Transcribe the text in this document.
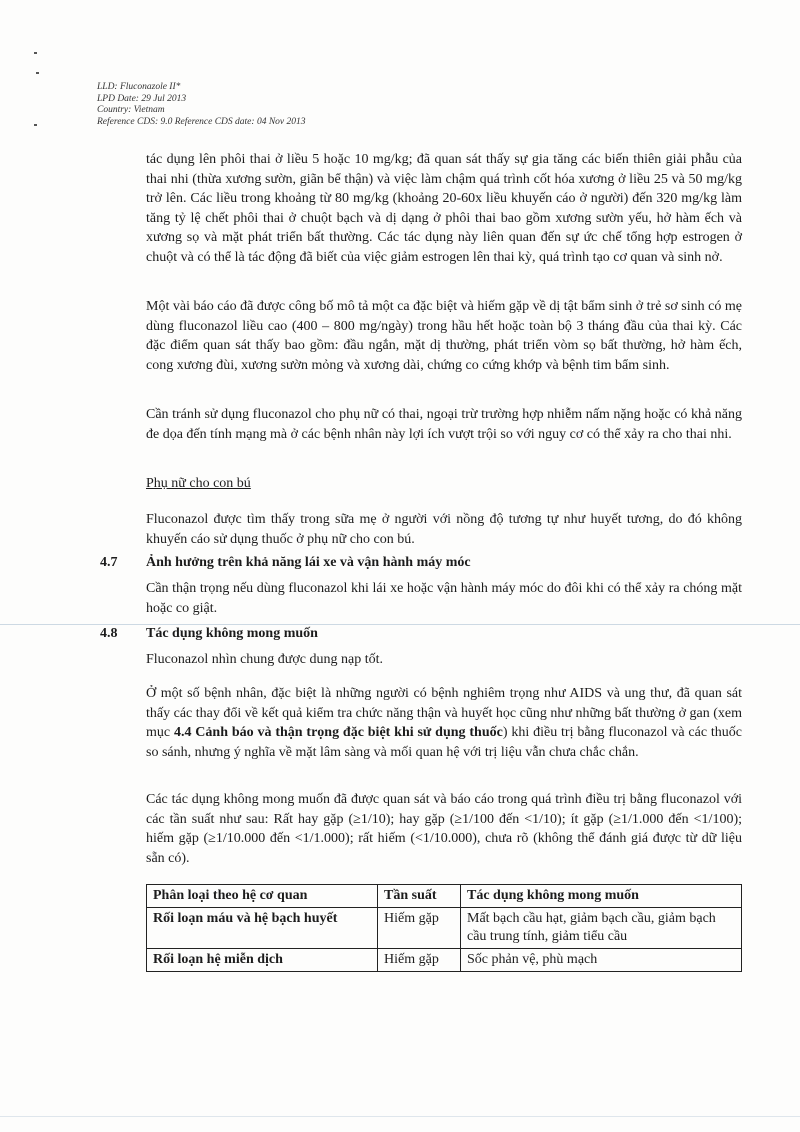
LLD: Fluconazole II*
LPD Date: 29 Jul 2013
Country: Vietnam
Reference CDS: 9.0 Reference CDS date: 04 Nov 2013
tác dụng lên phôi thai ở liều 5 hoặc 10 mg/kg; đã quan sát thấy sự gia tăng các biến thiên giải phẫu của thai nhi (thừa xương sườn, giãn bể thận) và việc làm chậm quá trình cốt hóa xương ở liều 25 và 50 mg/kg trở lên. Các liều trong khoảng từ 80 mg/kg (khoảng 20-60x liều khuyến cáo ở người) đến 320 mg/kg làm tăng tỷ lệ chết phôi thai ở chuột bạch và dị dạng ở phôi thai bao gồm xương sườn yếu, hở hàm ếch và xương sọ và mặt phát triển bất thường. Các tác dụng này liên quan đến sự ức chế tổng hợp estrogen ở chuột và có thể là tác động đã biết của việc giảm estrogen lên thai kỳ, quá trình tạo cơ quan và sinh nở.
Một vài báo cáo đã được công bố mô tả một ca đặc biệt và hiếm gặp về dị tật bẩm sinh ở trẻ sơ sinh có mẹ dùng fluconazol liều cao (400 – 800 mg/ngày) trong hầu hết hoặc toàn bộ 3 tháng đầu của thai kỳ. Các đặc điểm quan sát thấy bao gồm: đầu ngắn, mặt dị thường, phát triển vòm sọ bất thường, hở hàm ếch, cong xương đùi, xương sườn mỏng và xương dài, chứng co cứng khớp và bệnh tim bẩm sinh.
Cần tránh sử dụng fluconazol cho phụ nữ có thai, ngoại trừ trường hợp nhiễm nấm nặng hoặc có khả năng đe dọa đến tính mạng mà ở các bệnh nhân này lợi ích vượt trội so với nguy cơ có thể xảy ra cho thai nhi.
Phụ nữ cho con bú
Fluconazol được tìm thấy trong sữa mẹ ở người với nồng độ tương tự như huyết tương, do đó không khuyến cáo sử dụng thuốc ở phụ nữ cho con bú.
4.7 Ảnh hưởng trên khả năng lái xe và vận hành máy móc
Cần thận trọng nếu dùng fluconazol khi lái xe hoặc vận hành máy móc do đôi khi có thể xảy ra chóng mặt hoặc co giật.
4.8 Tác dụng không mong muốn
Fluconazol nhìn chung được dung nạp tốt.
Ở một số bệnh nhân, đặc biệt là những người có bệnh nghiêm trọng như AIDS và ung thư, đã quan sát thấy các thay đổi về kết quả kiểm tra chức năng thận và huyết học cũng như những bất thường ở gan (xem mục 4.4 Cảnh báo và thận trọng đặc biệt khi sử dụng thuốc) khi điều trị bằng fluconazol và các thuốc so sánh, nhưng ý nghĩa về mặt lâm sàng và mối quan hệ với trị liệu vẫn chưa chắc chắn.
Các tác dụng không mong muốn đã được quan sát và báo cáo trong quá trình điều trị bằng fluconazol với các tần suất như sau: Rất hay gặp (≥1/10); hay gặp (≥1/100 đến <1/10); ít gặp (≥1/1.000 đến <1/100); hiếm gặp (≥1/10.000 đến <1/1.000); rất hiếm (<1/10.000), chưa rõ (không thể đánh giá được từ dữ liệu sẵn có).
Phân loại theo hệ cơ quan	Tần suất	Tác dụng không mong muốn
Rối loạn máu và hệ bạch huyết	Hiếm gặp	Mất bạch cầu hạt, giảm bạch cầu, giảm bạch cầu trung tính, giảm tiểu cầu
Rối loạn hệ miễn dịch	Hiếm gặp	Sốc phản vệ, phù mạch
